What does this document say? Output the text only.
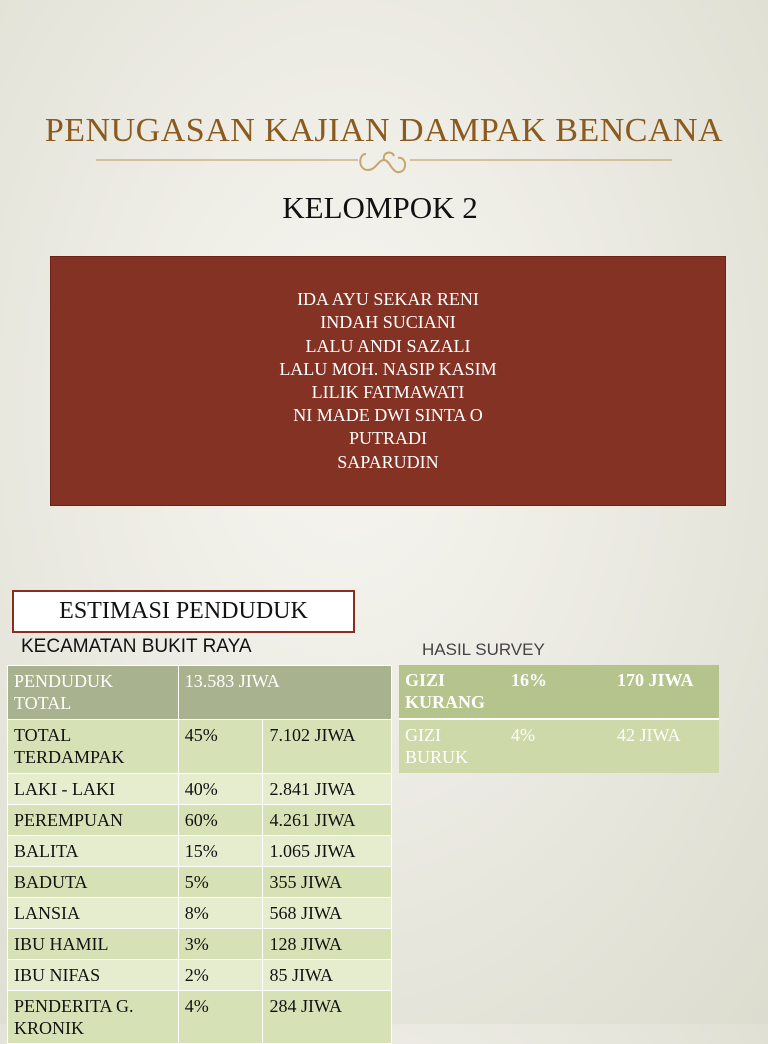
PENUGASAN KAJIAN DAMPAK BENCANA
KELOMPOK 2
IDA AYU SEKAR RENI
INDAH SUCIANI
LALU ANDI SAZALI
LALU MOH. NASIP KASIM
LILIK FATMAWATI
NI MADE DWI SINTA O
PUTRADI
SAPARUDIN
ESTIMASI PENDUDUK
KECAMATAN BUKIT RAYA	HASIL SURVEY
PENDUDUK TOTAL	13.583 JIWA	
TOTAL TERDAMPAK	45%	7.102 JIWA
LAKI - LAKI	40%	2.841 JIWA
PEREMPUAN	60%	4.261 JIWA
BALITA	15%	1.065 JIWA
BADUTA	5%	355 JIWA
LANSIA	8%	568 JIWA
IBU HAMIL	3%	128 JIWA
IBU NIFAS	2%	85 JIWA
PENDERITA G. KRONIK	4%	284 JIWA
GIZI KURANG	16%	170 JIWA
GIZI BURUK	4%	42 JIWA
